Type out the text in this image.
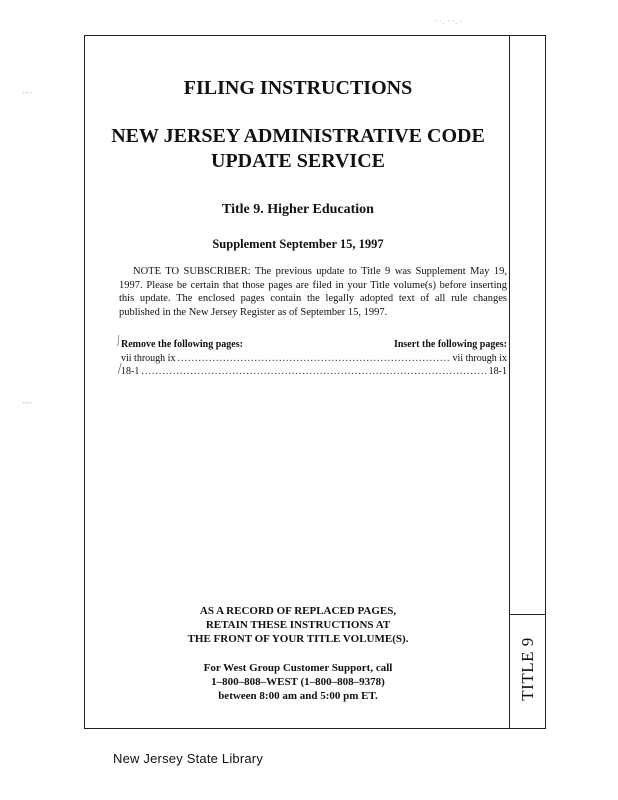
· ·. · ·. ·
·~·
·~·
FILING INSTRUCTIONS
NEW JERSEY ADMINISTRATIVE CODE
UPDATE SERVICE
Title 9. Higher Education
Supplement September 15, 1997
NOTE TO SUBSCRIBER: The previous update to Title 9 was Supplement May 19, 1997. Please be certain that those pages are filed in your Title volume(s) before inserting this update. The enclosed pages contain the legally adopted text of all rule changes published in the New Jersey Register as of September 15, 1997.
⁄
⁄
Remove the following pages:	Insert the following pages:
vii through ix .....	vii through ix
18-1 .....	18-1
AS A RECORD OF REPLACED PAGES,
RETAIN THESE INSTRUCTIONS AT
THE FRONT OF YOUR TITLE VOLUME(S).
For West Group Customer Support, call
1–800–808–WEST (1–800–808–9378)
between 8:00 am and 5:00 pm ET.	TITLE 9
New Jersey State Library
